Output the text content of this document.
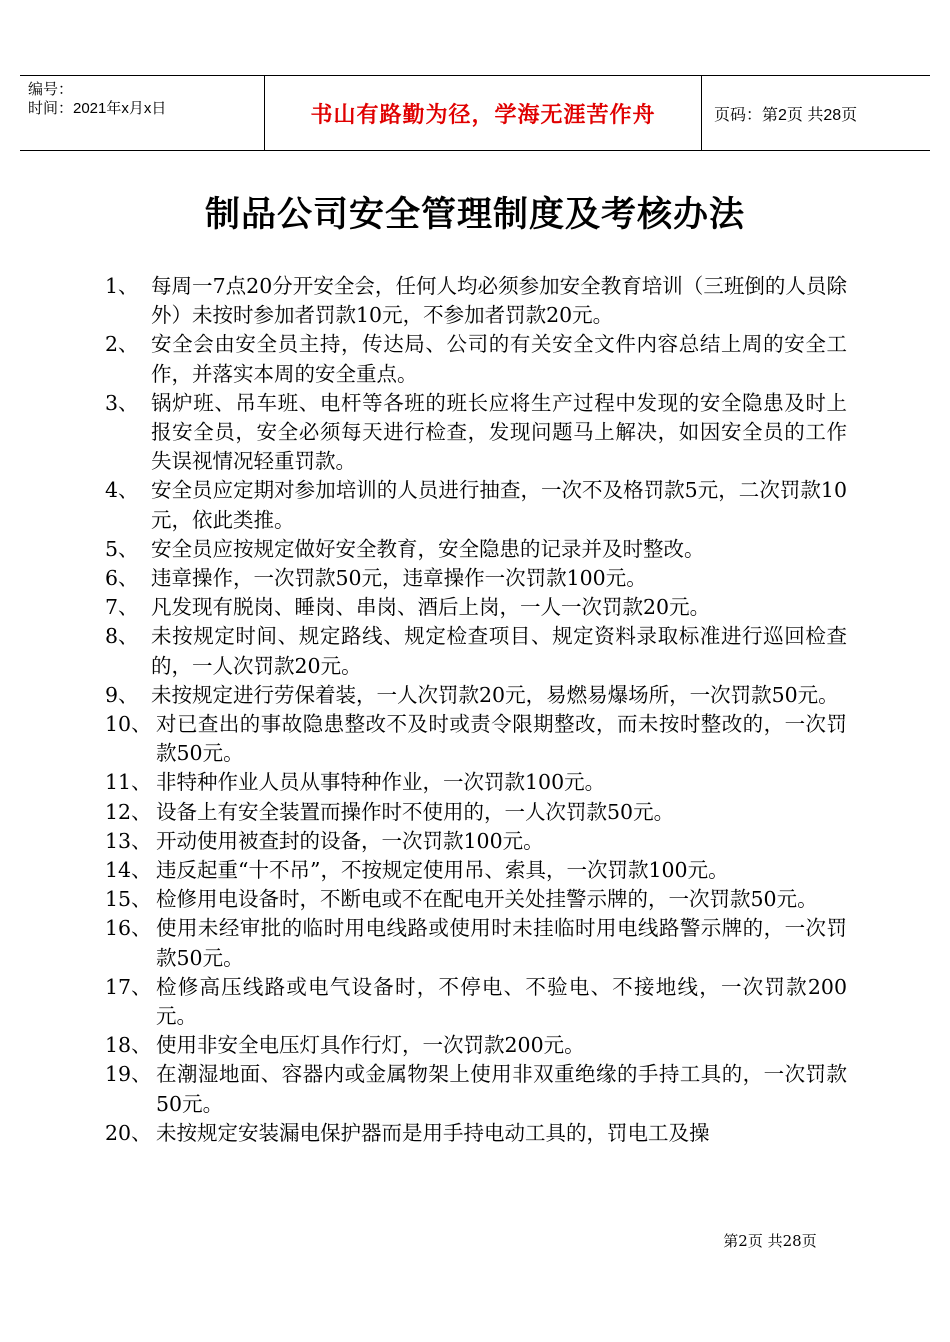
编号：
时间：2021年x月x日	书山有路勤为径，学海无涯苦作舟	页码：第2页 共28页
制品公司安全管理制度及考核办法
1、 每周一7点20分开安全会，任何人均必须参加安全教育培训（三班倒的人员除外）未按时参加者罚款10元，不参加者罚款20元。
2、 安全会由安全员主持，传达局、公司的有关安全文件内容总结上周的安全工作，并落实本周的安全重点。
3、 锅炉班、吊车班、电杆等各班的班长应将生产过程中发现的安全隐患及时上报安全员，安全必须每天进行检查，发现问题马上解决，如因安全员的工作失误视情况轻重罚款。
4、 安全员应定期对参加培训的人员进行抽查，一次不及格罚款5元，二次罚款10元，依此类推。
5、 安全员应按规定做好安全教育，安全隐患的记录并及时整改。
6、 违章操作，一次罚款50元，违章操作一次罚款100元。
7、 凡发现有脱岗、睡岗、串岗、酒后上岗，一人一次罚款20元。
8、 未按规定时间、规定路线、规定检查项目、规定资料录取标准进行巡回检查的，一人次罚款20元。
9、 未按规定进行劳保着装，一人次罚款20元，易燃易爆场所，一次罚款50元。
10、 对已查出的事故隐患整改不及时或责令限期整改，而未按时整改的，一次罚款50元。
11、 非特种作业人员从事特种作业，一次罚款100元。
12、 设备上有安全装置而操作时不使用的，一人次罚款50元。
13、 开动使用被查封的设备，一次罚款100元。
14、 违反起重“十不吊”，不按规定使用吊、索具，一次罚款100元。
15、 检修用电设备时，不断电或不在配电开关处挂警示牌的，一次罚款50元。
16、 使用未经审批的临时用电线路或使用时未挂临时用电线路警示牌的，一次罚款50元。
17、 检修高压线路或电气设备时，不停电、不验电、不接地线，一次罚款200元。
18、 使用非安全电压灯具作行灯，一次罚款200元。
19、 在潮湿地面、容器内或金属物架上使用非双重绝缘的手持工具的，一次罚款50元。
20、 未按规定安装漏电保护器而是用手持电动工具的，罚电工及操
第2页 共28页
